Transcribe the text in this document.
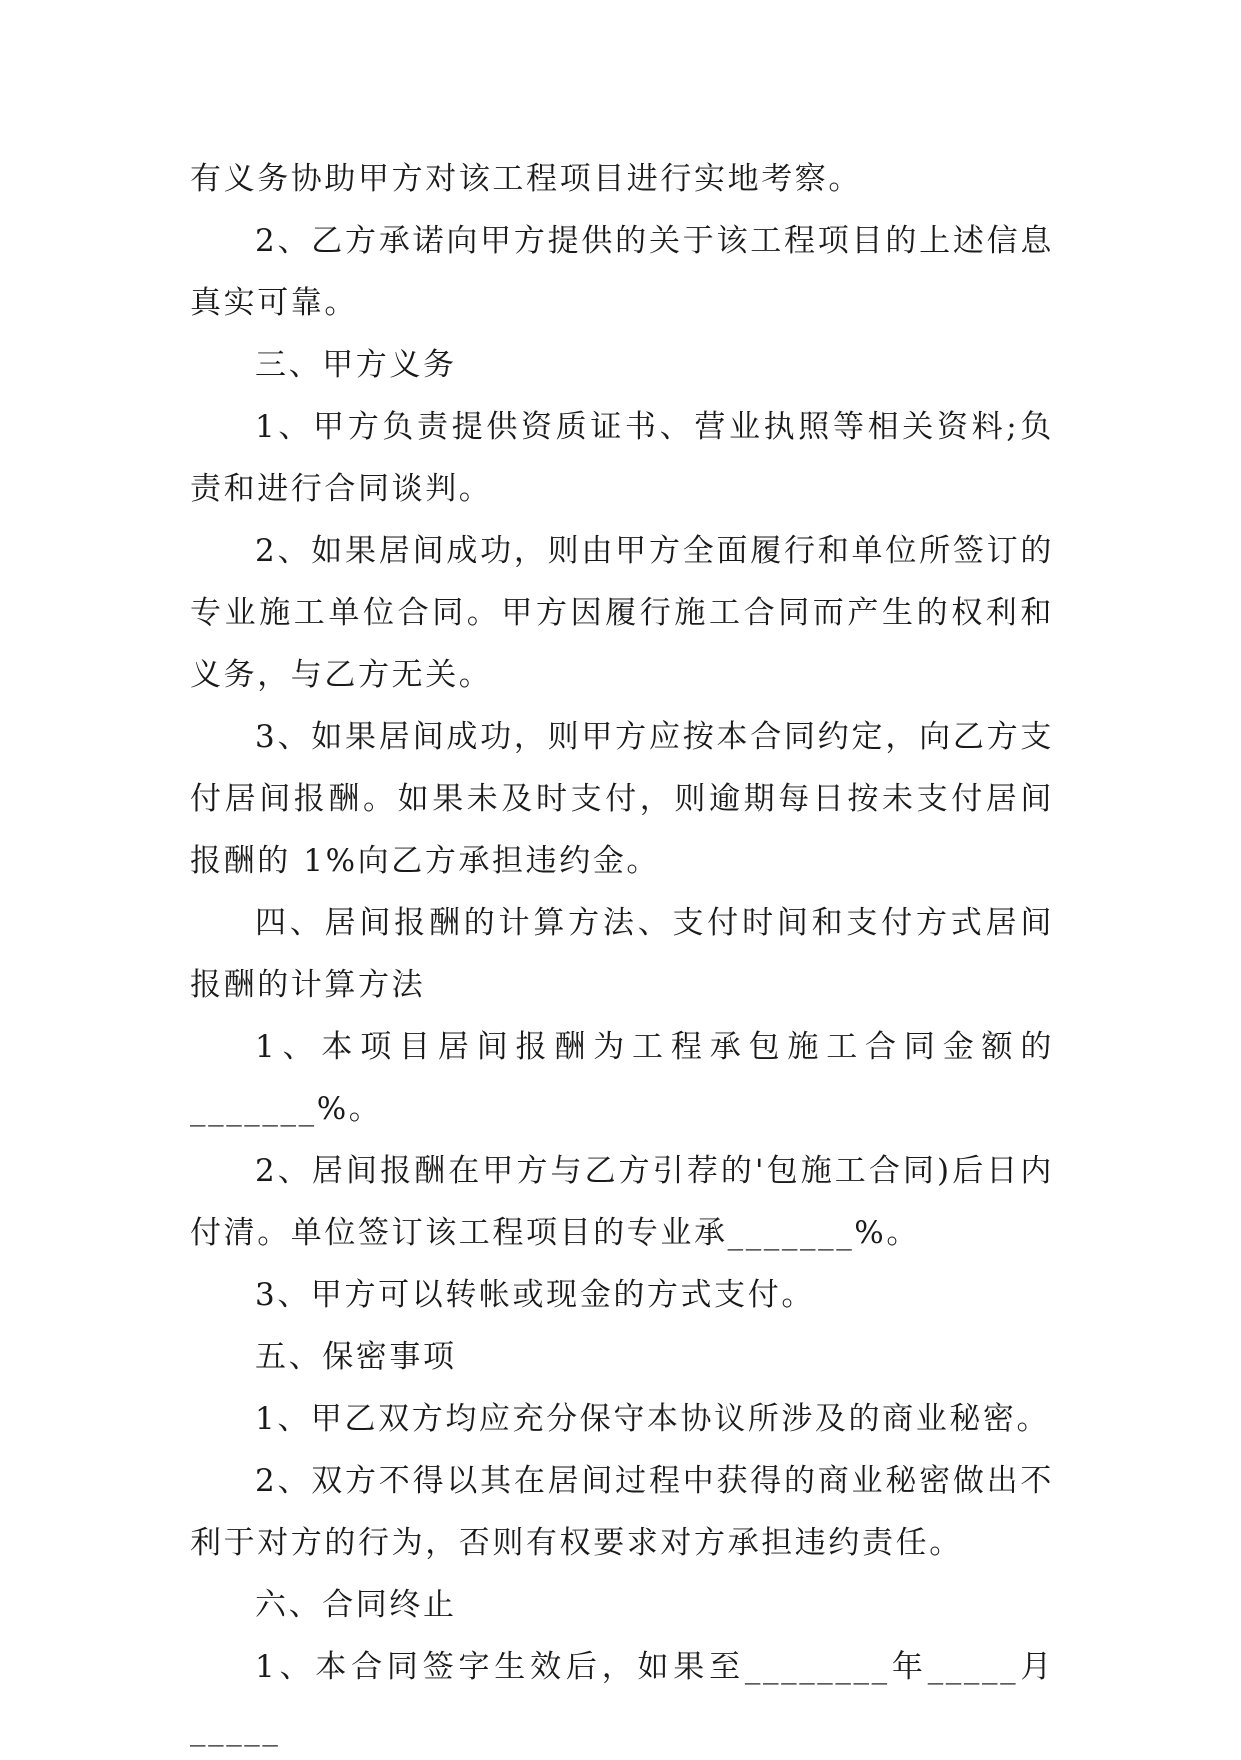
有义务协助甲方对该工程项目进行实地考察。

2、乙方承诺向甲方提供的关于该工程项目的上述信息真实可靠。

三、甲方义务

1、甲方负责提供资质证书、营业执照等相关资料;负责和进行合同谈判。

2、如果居间成功，则由甲方全面履行和单位所签订的专业施工单位合同。甲方因履行施工合同而产生的权利和义务，与乙方无关。

3、如果居间成功，则甲方应按本合同约定，向乙方支付居间报酬。如果未及时支付，则逾期每日按未支付居间报酬的 1%向乙方承担违约金。

四、居间报酬的计算方法、支付时间和支付方式居间报酬的计算方法

1、本项目居间报酬为工程承包施工合同金额的_______%。

2、居间报酬在甲方与乙方引荐的'包施工合同)后日内付清。单位签订该工程项目的专业承_______%。

3、甲方可以转帐或现金的方式支付。

五、保密事项

1、甲乙双方均应充分保守本协议所涉及的商业秘密。

2、双方不得以其在居间过程中获得的商业秘密做出不利于对方的行为，否则有权要求对方承担违约责任。

六、合同终止

1、本合同签字生效后，如果至________年_____月_____
